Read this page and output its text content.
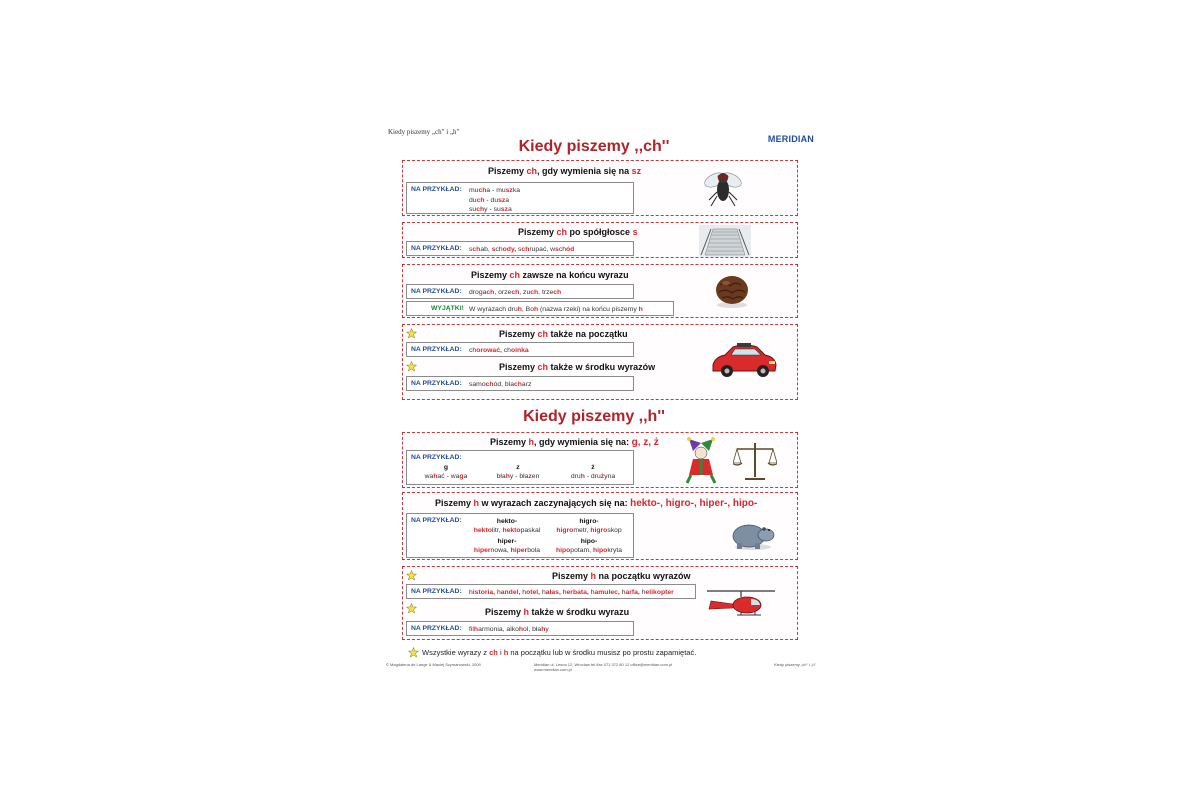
Kiedy piszemy „ch" i „h"
MERIDIAN
Kiedy piszemy ,,ch''
Piszemy ch, gdy wymienia się na sz
NA PRZYKŁAD: mucha - muszka
duch - dusza
suchy - susza
Piszemy ch po spółgłosce s
NA PRZYKŁAD: schab, schody, schrupać, wschód
Piszemy ch zawsze na końcu wyrazu
NA PRZYKŁAD: drogach, orzech, zuch, trzech
WYJĄTKI! W wyrazach druh, Boh (nazwa rzeki) na końcu piszemy h
Piszemy ch także na początku
NA PRZYKŁAD: chorować, choinka
Piszemy ch także w środku wyrazów
NA PRZYKŁAD: samochód, blacharz
Kiedy piszemy ,,h''
Piszemy h, gdy wymienia się na: g, z, ż
NA PRZYKŁAD:
g
wahać - waga
z
błahy - błazen
ż
druh - drużyna
Piszemy h w wyrazach zaczynających się na: hekto-, higro-, hiper-, hipo-
NA PRZYKŁAD:	hekto-
hektolitr, hektopaskal
higro-
higrometr, higroskop
hiper-
hipernowa, hiperbola
hipo-
hipopotam, hipokryta
Piszemy h na początku wyrazów
NA PRZYKŁAD: historia, handel, hotel, hałas, herbata, hamulec, harfa, helikopter
Piszemy h także w środku wyrazu
NA PRZYKŁAD: filharmonia, alkohol, błahy
Wszystkie wyrazy z ch i h na początku lub w środku musisz po prostu zapamiętać.
© Magdalena de Lange & Maciej Szymanowski, 2009	Meridian ul. Lesna 12, Wroclaw tel./fax 071 372 80 12 office@meridian.com.pl www.meridian.com.pl
Kiedy piszemy „ch" i „h"
